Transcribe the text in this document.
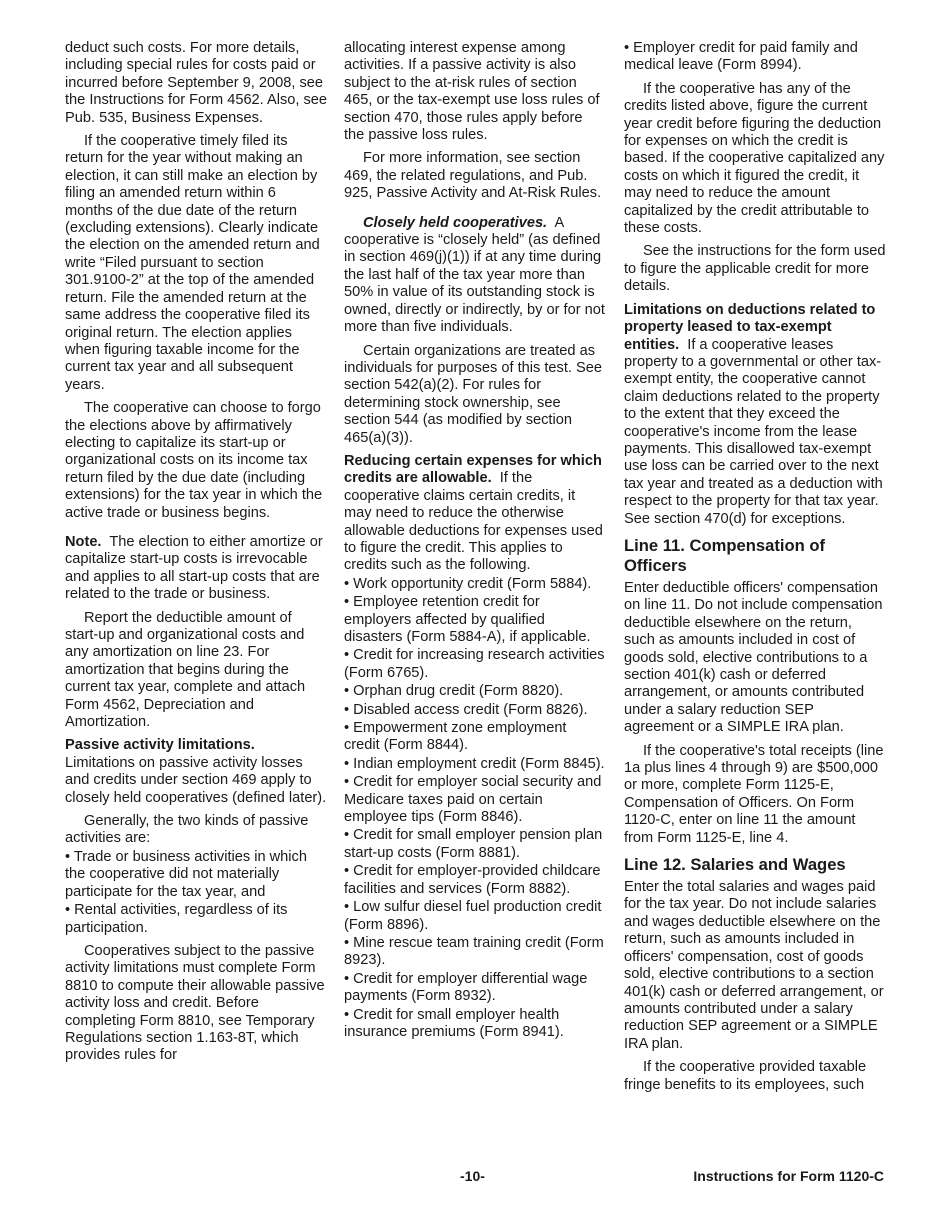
deduct such costs. For more details, including special rules for costs paid or incurred before September 9, 2008, see the Instructions for Form 4562. Also, see Pub. 535, Business Expenses.

If the cooperative timely filed its return for the year without making an election, it can still make an election by filing an amended return within 6 months of the due date of the return (excluding extensions). Clearly indicate the election on the amended return and write “Filed pursuant to section 301.9100-2” at the top of the amended return. File the amended return at the same address the cooperative filed its original return. The election applies when figuring taxable income for the current tax year and all subsequent years.

The cooperative can choose to forgo the elections above by affirmatively electing to capitalize its start-up or organizational costs on its income tax return filed by the due date (including extensions) for the tax year in which the active trade or business begins.

Note. The election to either amortize or capitalize start-up costs is irrevocable and applies to all start-up costs that are related to the trade or business.

Report the deductible amount of start-up and organizational costs and any amortization on line 23. For amortization that begins during the current tax year, complete and attach Form 4562, Depreciation and Amortization.

Passive activity limitations.
Limitations on passive activity losses and credits under section 469 apply to closely held cooperatives (defined later).

Generally, the two kinds of passive activities are:

• Trade or business activities in which the cooperative did not materially participate for the tax year, and

• Rental activities, regardless of its participation.

Cooperatives subject to the passive activity limitations must complete Form 8810 to compute their allowable passive activity loss and credit. Before completing Form 8810, see Temporary Regulations section 1.163-8T, which provides rules for

allocating interest expense among activities. If a passive activity is also subject to the at-risk rules of section 465, or the tax-exempt use loss rules of section 470, those rules apply before the passive loss rules.

For more information, see section 469, the related regulations, and Pub. 925, Passive Activity and At-Risk Rules.

Closely held cooperatives. A cooperative is “closely held” (as defined in section 469(j)(1)) if at any time during the last half of the tax year more than 50% in value of its outstanding stock is owned, directly or indirectly, by or for not more than five individuals.

Certain organizations are treated as individuals for purposes of this test. See section 542(a)(2). For rules for determining stock ownership, see section 544 (as modified by section 465(a)(3)).

Reducing certain expenses for which credits are allowable. If the cooperative claims certain credits, it may need to reduce the otherwise allowable deductions for expenses used to figure the credit. This applies to credits such as the following.

• Work opportunity credit (Form 5884).

• Employee retention credit for employers affected by qualified disasters (Form 5884-A), if applicable.

• Credit for increasing research activities (Form 6765).

• Orphan drug credit (Form 8820).

• Disabled access credit (Form 8826).

• Empowerment zone employment credit (Form 8844).

• Indian employment credit (Form 8845).

• Credit for employer social security and Medicare taxes paid on certain employee tips (Form 8846).

• Credit for small employer pension plan start-up costs (Form 8881).

• Credit for employer-provided childcare facilities and services (Form 8882).

• Low sulfur diesel fuel production credit (Form 8896).

• Mine rescue team training credit (Form 8923).

• Credit for employer differential wage payments (Form 8932).

• Credit for small employer health insurance premiums (Form 8941).

• Employer credit for paid family and medical leave (Form 8994).

If the cooperative has any of the credits listed above, figure the current year credit before figuring the deduction for expenses on which the credit is based. If the cooperative capitalized any costs on which it figured the credit, it may need to reduce the amount capitalized by the credit attributable to these costs.

See the instructions for the form used to figure the applicable credit for more details.

Limitations on deductions related to property leased to tax-exempt entities. If a cooperative leases property to a governmental or other tax-exempt entity, the cooperative cannot claim deductions related to the property to the extent that they exceed the cooperative's income from the lease payments. This disallowed tax-exempt use loss can be carried over to the next tax year and treated as a deduction with respect to the property for that tax year. See section 470(d) for exceptions.

Line 11. Compensation of Officers

Enter deductible officers' compensation on line 11. Do not include compensation deductible elsewhere on the return, such as amounts included in cost of goods sold, elective contributions to a section 401(k) cash or deferred arrangement, or amounts contributed under a salary reduction SEP agreement or a SIMPLE IRA plan.

If the cooperative's total receipts (line 1a plus lines 4 through 9) are $500,000 or more, complete Form 1125-E, Compensation of Officers. On Form 1120-C, enter on line 11 the amount from Form 1125-E, line 4.

Line 12. Salaries and Wages

Enter the total salaries and wages paid for the tax year. Do not include salaries and wages deductible elsewhere on the return, such as amounts included in officers' compensation, cost of goods sold, elective contributions to a section 401(k) cash or deferred arrangement, or amounts contributed under a salary reduction SEP agreement or a SIMPLE IRA plan.

If the cooperative provided taxable fringe benefits to its employees, such

-10-	Instructions for Form 1120-C
